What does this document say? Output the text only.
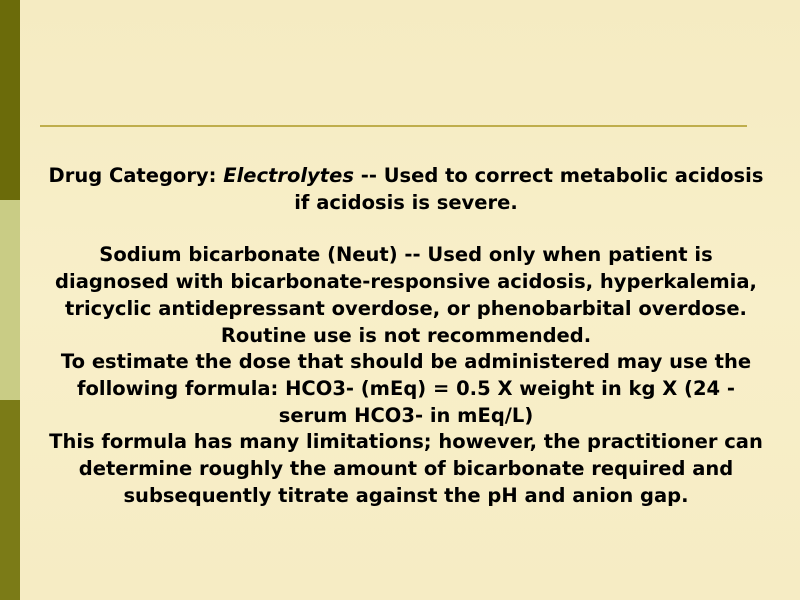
Drug Category: Electrolytes -- Used to correct metabolic acidosis if acidosis is severe.

Sodium bicarbonate (Neut) -- Used only when patient is diagnosed with bicarbonate-responsive acidosis, hyperkalemia, tricyclic antidepressant overdose, or phenobarbital overdose. Routine use is not recommended.

To estimate the dose that should be administered may use the following formula: HCO3- (mEq) = 0.5 X weight in kg X (24 - serum HCO3- in mEq/L)

This formula has many limitations; however, the practitioner can determine roughly the amount of bicarbonate required and subsequently titrate against the pH and anion gap.
